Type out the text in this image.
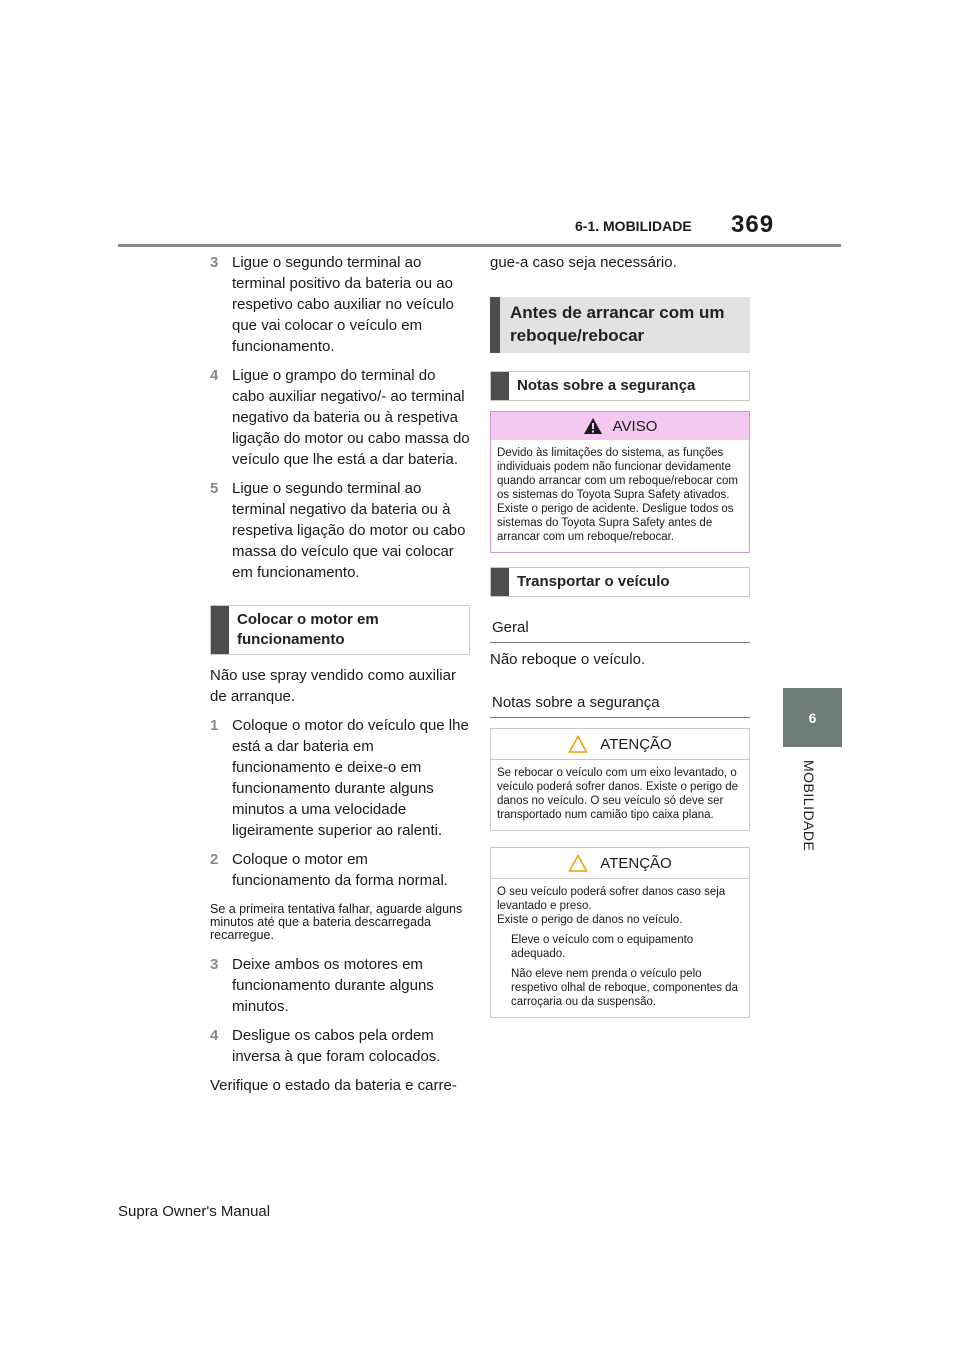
6-1. MOBILIDADE 369
6
MOBILIDADE
3 Ligue o segundo terminal ao terminal positivo da bateria ou ao respetivo cabo auxiliar no veículo que vai colocar o veículo em funcionamento.
4 Ligue o grampo do terminal do cabo auxiliar negativo/- ao terminal negativo da bateria ou à respetiva ligação do motor ou cabo massa do veículo que lhe está a dar bateria.
5 Ligue o segundo terminal ao terminal negativo da bateria ou à respetiva ligação do motor ou cabo massa do veículo que vai colocar em funcionamento.
Colocar o motor em funcionamento

Não use spray vendido como auxiliar de arranque.

1 Coloque o motor do veículo que lhe está a dar bateria em funcionamento e deixe-o em funcionamento durante alguns minutos a uma velocidade ligeiramente superior ao ralenti.
2 Coloque o motor em funcionamento da forma normal.

Se a primeira tentativa falhar, aguarde alguns minutos até que a bateria descarregada recarregue.

3 Deixe ambos os motores em funcionamento durante alguns minutos.
4 Desligue os cabos pela ordem inversa à que foram colocados.

Verifique o estado da bateria e carre-

gue-a caso seja necessário.

Antes de arrancar com um reboque/rebocar
Notas sobre a segurança
AVISO
Devido às limitações do sistema, as funções individuais podem não funcionar devidamente quando arrancar com um reboque/rebocar com os sistemas do Toyota Supra Safety ativados. Existe o perigo de acidente. Desligue todos os sistemas do Toyota Supra Safety antes de arrancar com um reboque/rebocar.
Transportar o veículo
Geral

Não reboque o veículo.

Notas sobre a segurança
ATENÇÃO
Se rebocar o veículo com um eixo levantado, o veículo poderá sofrer danos. Existe o perigo de danos no veículo. O seu veículo só deve ser transportado num camião tipo caixa plana.
ATENÇÃO
O seu veículo poderá sofrer danos caso seja levantado e preso.
Existe o perigo de danos no veículo.
Eleve o veículo com o equipamento adequado.
Não eleve nem prenda o veículo pelo respetivo olhal de reboque, componentes da carroçaria ou da suspensão.
Supra Owner's Manual
